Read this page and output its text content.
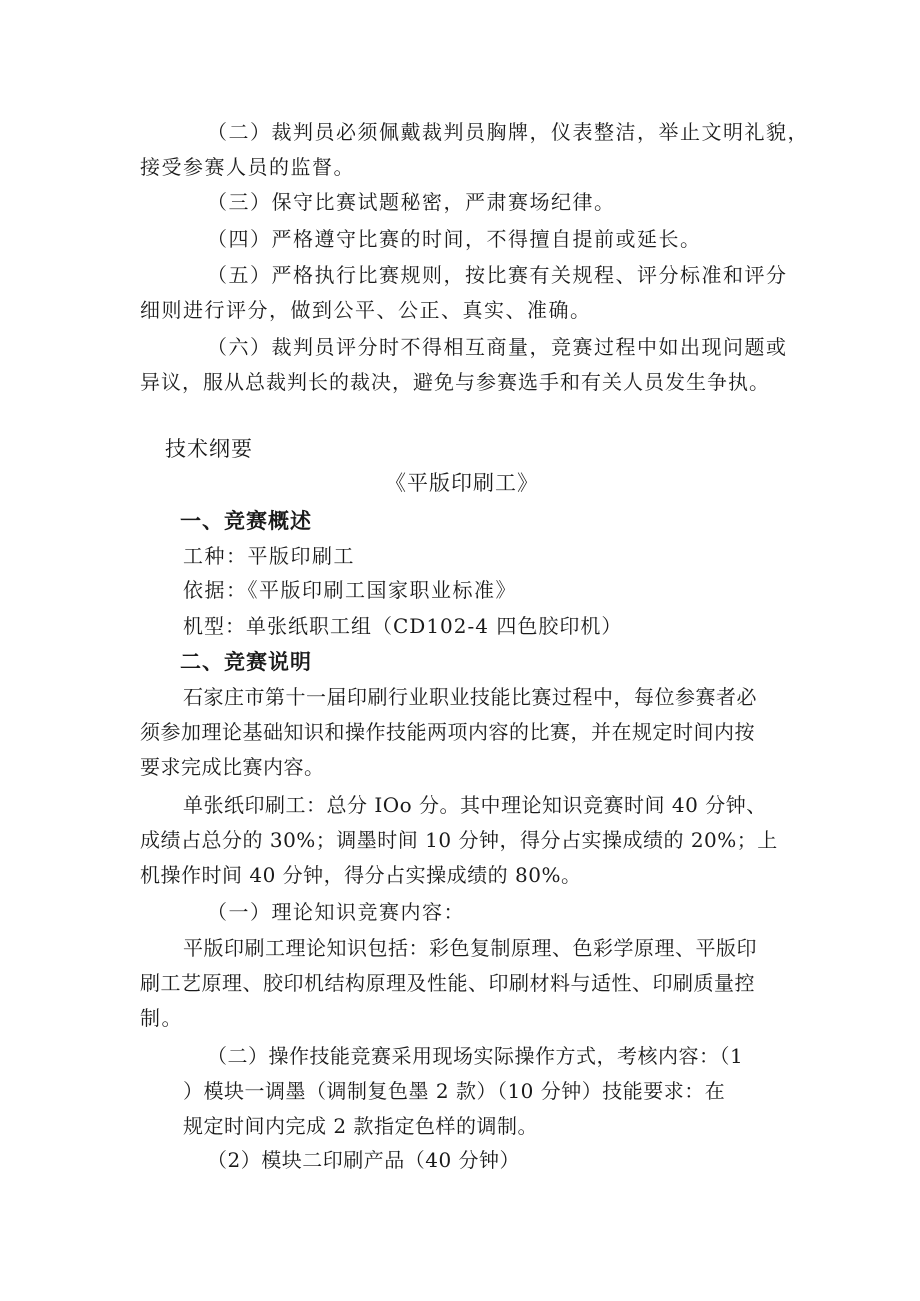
（二）裁判员必须佩戴裁判员胸牌，仪表整洁，举止文明礼貌，
接受参赛人员的监督。
（三）保守比赛试题秘密，严肃赛场纪律。
（四）严格遵守比赛的时间，不得擅自提前或延长。
（五）严格执行比赛规则，按比赛有关规程、评分标准和评分
细则进行评分，做到公平、公正、真实、准确。
（六）裁判员评分时不得相互商量，竞赛过程中如出现问题或
异议，服从总裁判长的裁决，避免与参赛选手和有关人员发生争执。
技术纲要
《平版印刷工》
一、竞赛概述
工种：平版印刷工
依据：《平版印刷工国家职业标准》
机型：单张纸职工组（CD102-4 四色胶印机）
二、竞赛说明
石家庄市第十一届印刷行业职业技能比赛过程中，每位参赛者必
须参加理论基础知识和操作技能两项内容的比赛，并在规定时间内按
要求完成比赛内容。
单张纸印刷工：总分 IOo 分。其中理论知识竞赛时间 40 分钟、
成绩占总分的 30%；调墨时间 10 分钟，得分占实操成绩的 20%；上
机操作时间 40 分钟，得分占实操成绩的 80%。
（一）理论知识竞赛内容：
平版印刷工理论知识包括：彩色复制原理、色彩学原理、平版印
刷工艺原理、胶印机结构原理及性能、印刷材料与适性、印刷质量控
制。
（二）操作技能竞赛采用现场实际操作方式，考核内容：（1
）模块一调墨（调制复色墨 2 款）（10 分钟）技能要求：在
规定时间内完成 2 款指定色样的调制。
（2）模块二印刷产品（40 分钟）
